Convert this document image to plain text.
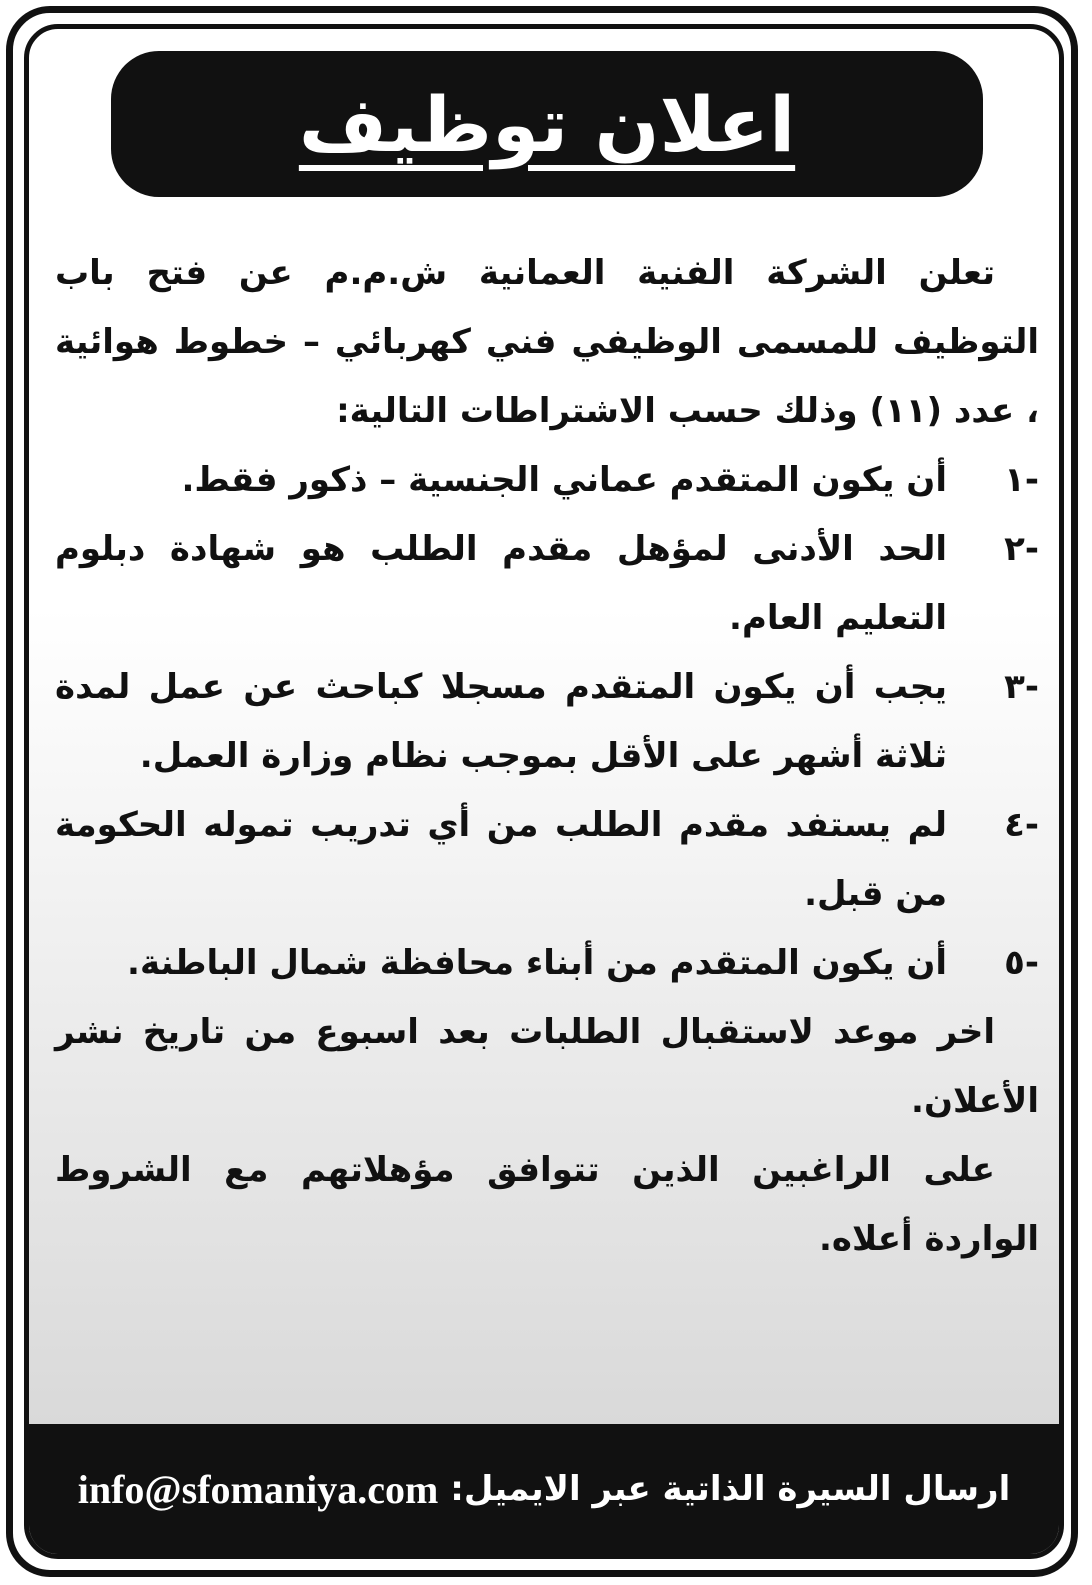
اعلان توظيف

تعلن الشركة الفنية العمانية ش.م.م عن فتح باب التوظيف للمسمى الوظيفي فني كهربائي – خطوط هوائية ، عدد (١١) وذلك حسب الاشتراطات التالية:

-١
أن يكون المتقدم عماني الجنسية – ذكور فقط.
-٢
الحد الأدنى لمؤهل مقدم الطلب هو شهادة دبلوم التعليم العام.
-٣
يجب أن يكون المتقدم مسجلا كباحث عن عمل لمدة ثلاثة أشهر على الأقل بموجب نظام وزارة العمل.
-٤
لم يستفد مقدم الطلب من أي تدريب تموله الحكومة من قبل.
-٥
أن يكون المتقدم من أبناء محافظة شمال الباطنة.

اخر موعد لاستقبال الطلبات بعد اسبوع من تاريخ نشر الأعلان.

على الراغبين الذين تتوافق مؤهلاتهم مع الشروط الواردة أعلاه.

info@sfomaniya.com ارسال السيرة الذاتية عبر الايميل:
